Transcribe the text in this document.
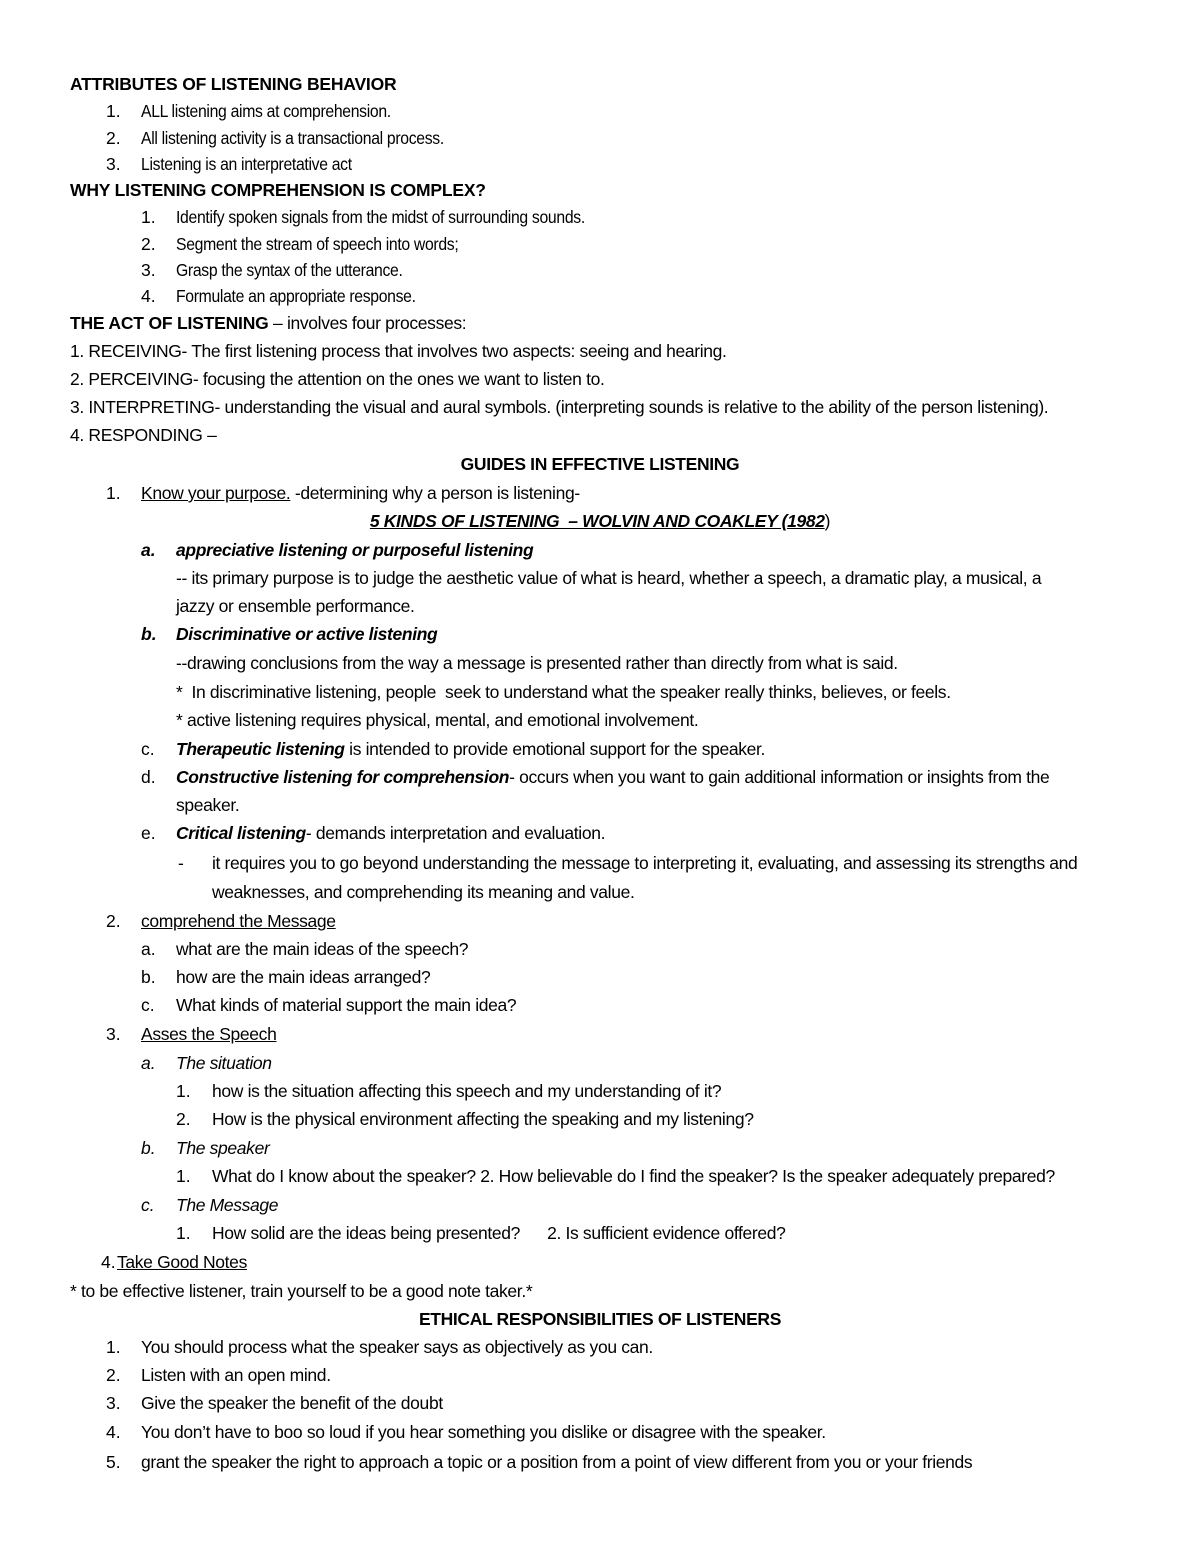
ATTRIBUTES OF LISTENING BEHAVIOR
1. ALL listening aims at comprehension.
2. All listening activity is a transactional process.
3. Listening is an interpretative act
WHY LISTENING COMPREHENSION IS COMPLEX?
1. Identify spoken signals from the midst of surrounding sounds.
2. Segment the stream of speech into words;
3. Grasp the syntax of the utterance.
4. Formulate an appropriate response.
THE ACT OF LISTENING – involves four processes:
1. RECEIVING- The first listening process that involves two aspects: seeing and hearing.
2. PERCEIVING- focusing the attention on the ones we want to listen to.
3. INTERPRETING- understanding the visual and aural symbols. (interpreting sounds is relative to the ability of the person listening).
4. RESPONDING –
GUIDES IN EFFECTIVE LISTENING
1. Know your purpose. -determining why a person is listening-
5 KINDS OF LISTENING  – WOLVIN AND COAKLEY (1982)
a. appreciative listening or purposeful listening
-- its primary purpose is to judge the aesthetic value of what is heard, whether a speech, a dramatic play, a musical, a
jazzy or ensemble performance.
b. Discriminative or active listening
--drawing conclusions from the way a message is presented rather than directly from what is said.
*  In discriminative listening, people  seek to understand what the speaker really thinks, believes, or feels.
* active listening requires physical, mental, and emotional involvement.
c. Therapeutic listening is intended to provide emotional support for the speaker.
d. Constructive listening for comprehension- occurs when you want to gain additional information or insights from the
speaker.
e. Critical listening- demands interpretation and evaluation.
- it requires you to go beyond understanding the message to interpreting it, evaluating, and assessing its strengths and
weaknesses, and comprehending its meaning and value.
2. comprehend the Message
a. what are the main ideas of the speech?
b. how are the main ideas arranged?
c. What kinds of material support the main idea?
3. Asses the Speech
a. The situation
1. how is the situation affecting this speech and my understanding of it?
2. How is the physical environment affecting the speaking and my listening?
b. The speaker
1. What do I know about the speaker? 2. How believable do I find the speaker? Is the speaker adequately prepared?
c. The Message
1. How solid are the ideas being presented?      2. Is sufficient evidence offered?
4. Take Good Notes
* to be effective listener, train yourself to be a good note taker.*
ETHICAL RESPONSIBILITIES OF LISTENERS
1. You should process what the speaker says as objectively as you can.
2. Listen with an open mind.
3. Give the speaker the benefit of the doubt
4. You don’t have to boo so loud if you hear something you dislike or disagree with the speaker.
5. grant the speaker the right to approach a topic or a position from a point of view different from you or your friends
